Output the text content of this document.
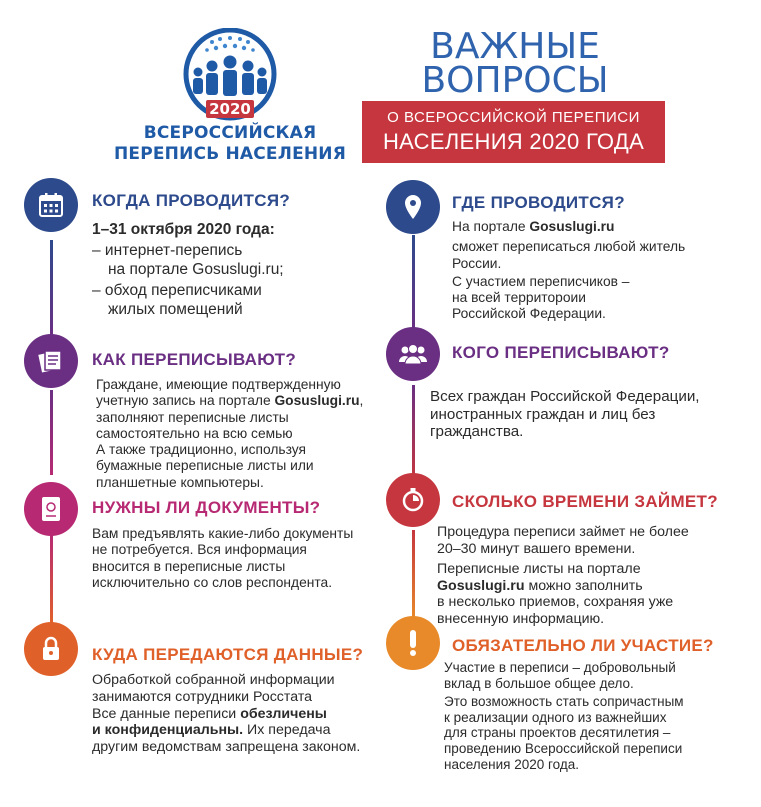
2020
ВСЕРОССИЙСКАЯ
ПЕРЕПИСЬ НАСЕЛЕНИЯ
ВАЖНЫЕ
ВОПРОСЫ
О ВСЕРОССИЙСКОЙ ПЕРЕПИСИ
НАСЕЛЕНИЯ 2020 ГОДА
КОГДА ПРОВОДИТСЯ?
1–31 октября 2020 года:
– интернет-перепись
на портале Gosuslugi.ru;
– обход переписчиками
жилых помещений
КАК ПЕРЕПИСЫВАЮТ?
Граждане, имеющие подтвержденную
учетную запись на портале Gosuslugi.ru,
заполняют переписные листы
самостоятельно на всю семью
А также традиционно, используя
бумажные переписные листы или
планшетные компьютеры.
НУЖНЫ ЛИ ДОКУМЕНТЫ?
Вам предъявлять какие-либо документы
не потребуется. Вся информация
вносится в переписные листы
исключительно со слов респондента.
КУДА ПЕРЕДАЮТСЯ ДАННЫЕ?
Обработкой собранной информации
занимаются сотрудники Росстата
Все данные переписи обезличены
и конфиденциальны. Их передача
другим ведомствам запрещена законом.
ГДЕ ПРОВОДИТСЯ?
На портале Gosuslugi.ru
сможет переписаться любой житель
России.
С участием переписчиков –
на всей территороии
Российской Федерации.
КОГО ПЕРЕПИСЫВАЮТ?
Всех граждан Российской Федерации,
иностранных граждан и лиц без
гражданства.
СКОЛЬКО ВРЕМЕНИ ЗАЙМЕТ?
Процедура переписи займет не более
20–30 минут вашего времени.
Переписные листы на портале
Gosuslugi.ru можно заполнить
в несколько приемов, сохраняя уже
внесенную информацию.
ОБЯЗАТЕЛЬНО ЛИ УЧАСТИЕ?
Участие в переписи – добровольный
вклад в большое общее дело.
Это возможность стать сопричастным
к реализации одного из важнейших
для страны проектов десятилетия –
проведению Всероссийской переписи
населения 2020 года.
